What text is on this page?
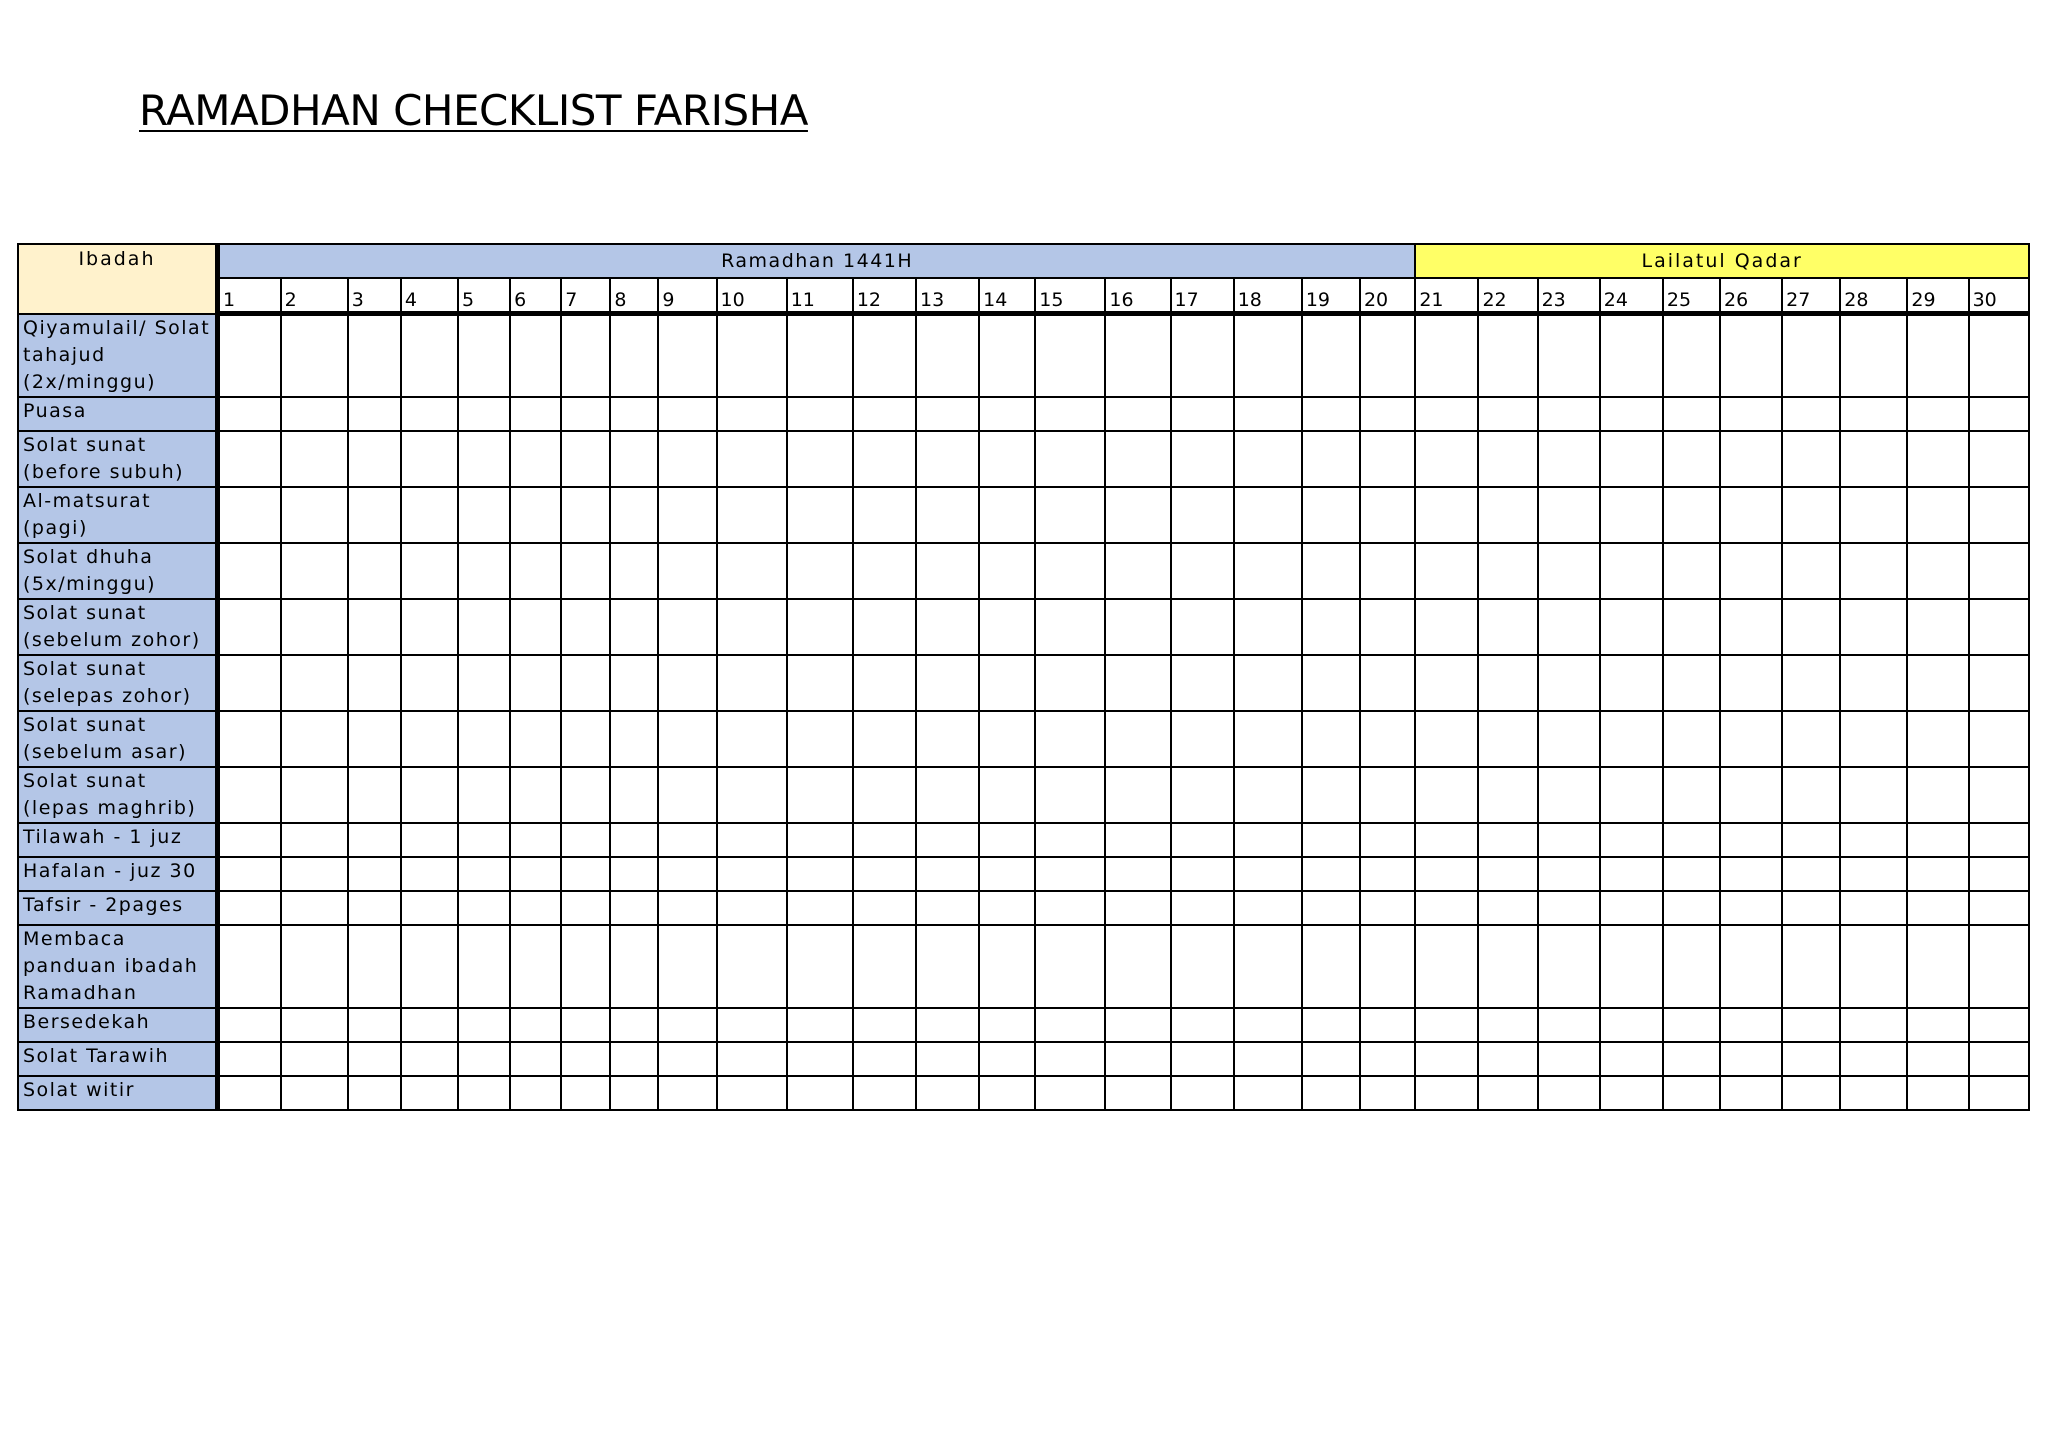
RAMADHAN CHECKLIST FARISHA
Ibadah	Ramadhan 1441H																				Lailatul Qadar									
	1	2	3	4	5	6	7	8	9	10	11	12	13	14	15	16	17	18	19	20	21	22	23	24	25	26	27	28	29	30
Qiyamulail/ Solat tahajud (2x/minggu)																														
Puasa																														
Solat sunat (before subuh)																														
Al-matsurat (pagi)																														
Solat dhuha (5x/minggu)																														
Solat sunat (sebelum zohor)																														
Solat sunat (selepas zohor)																														
Solat sunat (sebelum asar)																														
Solat sunat (lepas maghrib)																														
Tilawah - 1 juz																														
Hafalan - juz 30																														
Tafsir - 2pages																														
Membaca panduan ibadah Ramadhan																														
Bersedekah																														
Solat Tarawih																														
Solat witir																														
